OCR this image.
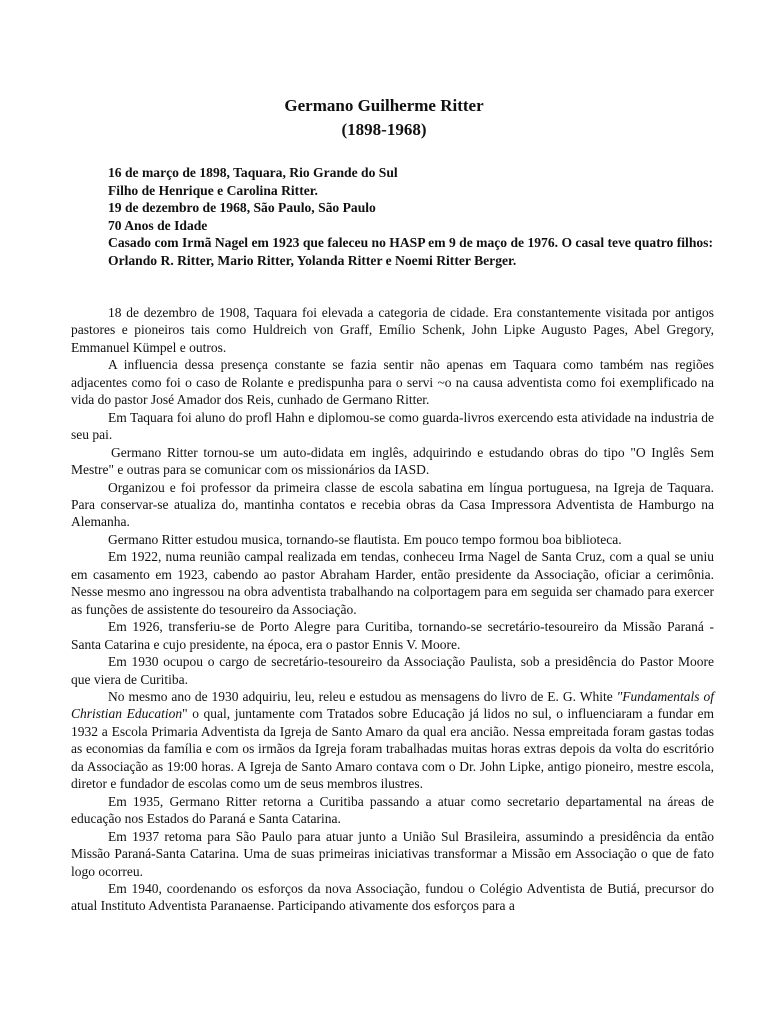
Germano Guilherme Ritter
(1898-1968)
16 de março de 1898, Taquara, Rio Grande do Sul
Filho de Henrique e Carolina Ritter.
19 de dezembro de 1968, São Paulo, São Paulo
70 Anos de Idade
Casado com Irmã Nagel em 1923 que faleceu no HASP em 9 de maço de 1976. O casal teve quatro filhos:
Orlando R. Ritter, Mario Ritter, Yolanda Ritter e Noemi Ritter Berger.

18 de dezembro de 1908, Taquara foi elevada a categoria de cidade. Era constantemente visitada por antigos pastores e pioneiros tais como Huldreich von Graff, Emílio Schenk, John Lipke Augusto Pages, Abel Gregory, Emmanuel Kümpel e outros.

A influencia dessa presença constante se fazia sentir não apenas em Taquara como também nas regiões adjacentes como foi o caso de Rolante e predispunha para o servi ~o na causa adventista como foi exemplificado na vida do pastor José Amador dos Reis, cunhado de Germano Ritter.

Em Taquara foi aluno do profl Hahn e diplomou-se como guarda-livros exercendo esta atividade na industria de seu pai.

Germano Ritter tornou-se um auto-didata em inglês, adquirindo e estudando obras do tipo "O Inglês Sem Mestre" e outras para se comunicar com os missionários da IASD.

Organizou e foi professor da primeira classe de escola sabatina em língua portuguesa, na Igreja de Taquara. Para conservar-se atualiza do, mantinha contatos e recebia obras da Casa Impressora Adventista de Hamburgo na Alemanha.

Germano Ritter estudou musica, tornando-se flautista. Em pouco tempo formou boa biblioteca.

Em 1922, numa reunião campal realizada em tendas, conheceu Irma Nagel de Santa Cruz, com a qual se uniu em casamento em 1923, cabendo ao pastor Abraham Harder, então presidente da Associação, oficiar a cerimônia. Nesse mesmo ano ingressou na obra adventista trabalhando na colportagem para em seguida ser chamado para exercer as funções de assistente do tesoureiro da Associação.

Em 1926, transferiu-se de Porto Alegre para Curitiba, tornando-se secretário-tesoureiro da Missão Paraná - Santa Catarina e cujo presidente, na época, era o pastor Ennis V. Moore.

Em 1930 ocupou o cargo de secretário-tesoureiro da Associação Paulista, sob a presidência do Pastor Moore que viera de Curitiba.

No mesmo ano de 1930 adquiriu, leu, releu e estudou as mensagens do livro de E. G. White "Fundamentals of Christian Education" o qual, juntamente com Tratados sobre Educação já lidos no sul, o influenciaram a fundar em 1932 a Escola Primaria Adventista da Igreja de Santo Amaro da qual era ancião. Nessa empreitada foram gastas todas as economias da família e com os irmãos da Igreja foram trabalhadas muitas horas extras depois da volta do escritório da Associação as 19:00 horas. A Igreja de Santo Amaro contava com o Dr. John Lipke, antigo pioneiro, mestre escola, diretor e fundador de escolas como um de seus membros ilustres.

Em 1935, Germano Ritter retorna a Curitiba passando a atuar como secretario departamental na áreas de educação nos Estados do Paraná e Santa Catarina.

Em 1937 retoma para São Paulo para atuar junto a União Sul Brasileira, assumindo a presidência da então Missão Paraná-Santa Catarina. Uma de suas primeiras iniciativas transformar a Missão em Associação o que de fato logo ocorreu.

Em 1940, coordenando os esforços da nova Associação, fundou o Colégio Adventista de Butiá, precursor do atual Instituto Adventista Paranaense. Participando ativamente dos esforços para a
